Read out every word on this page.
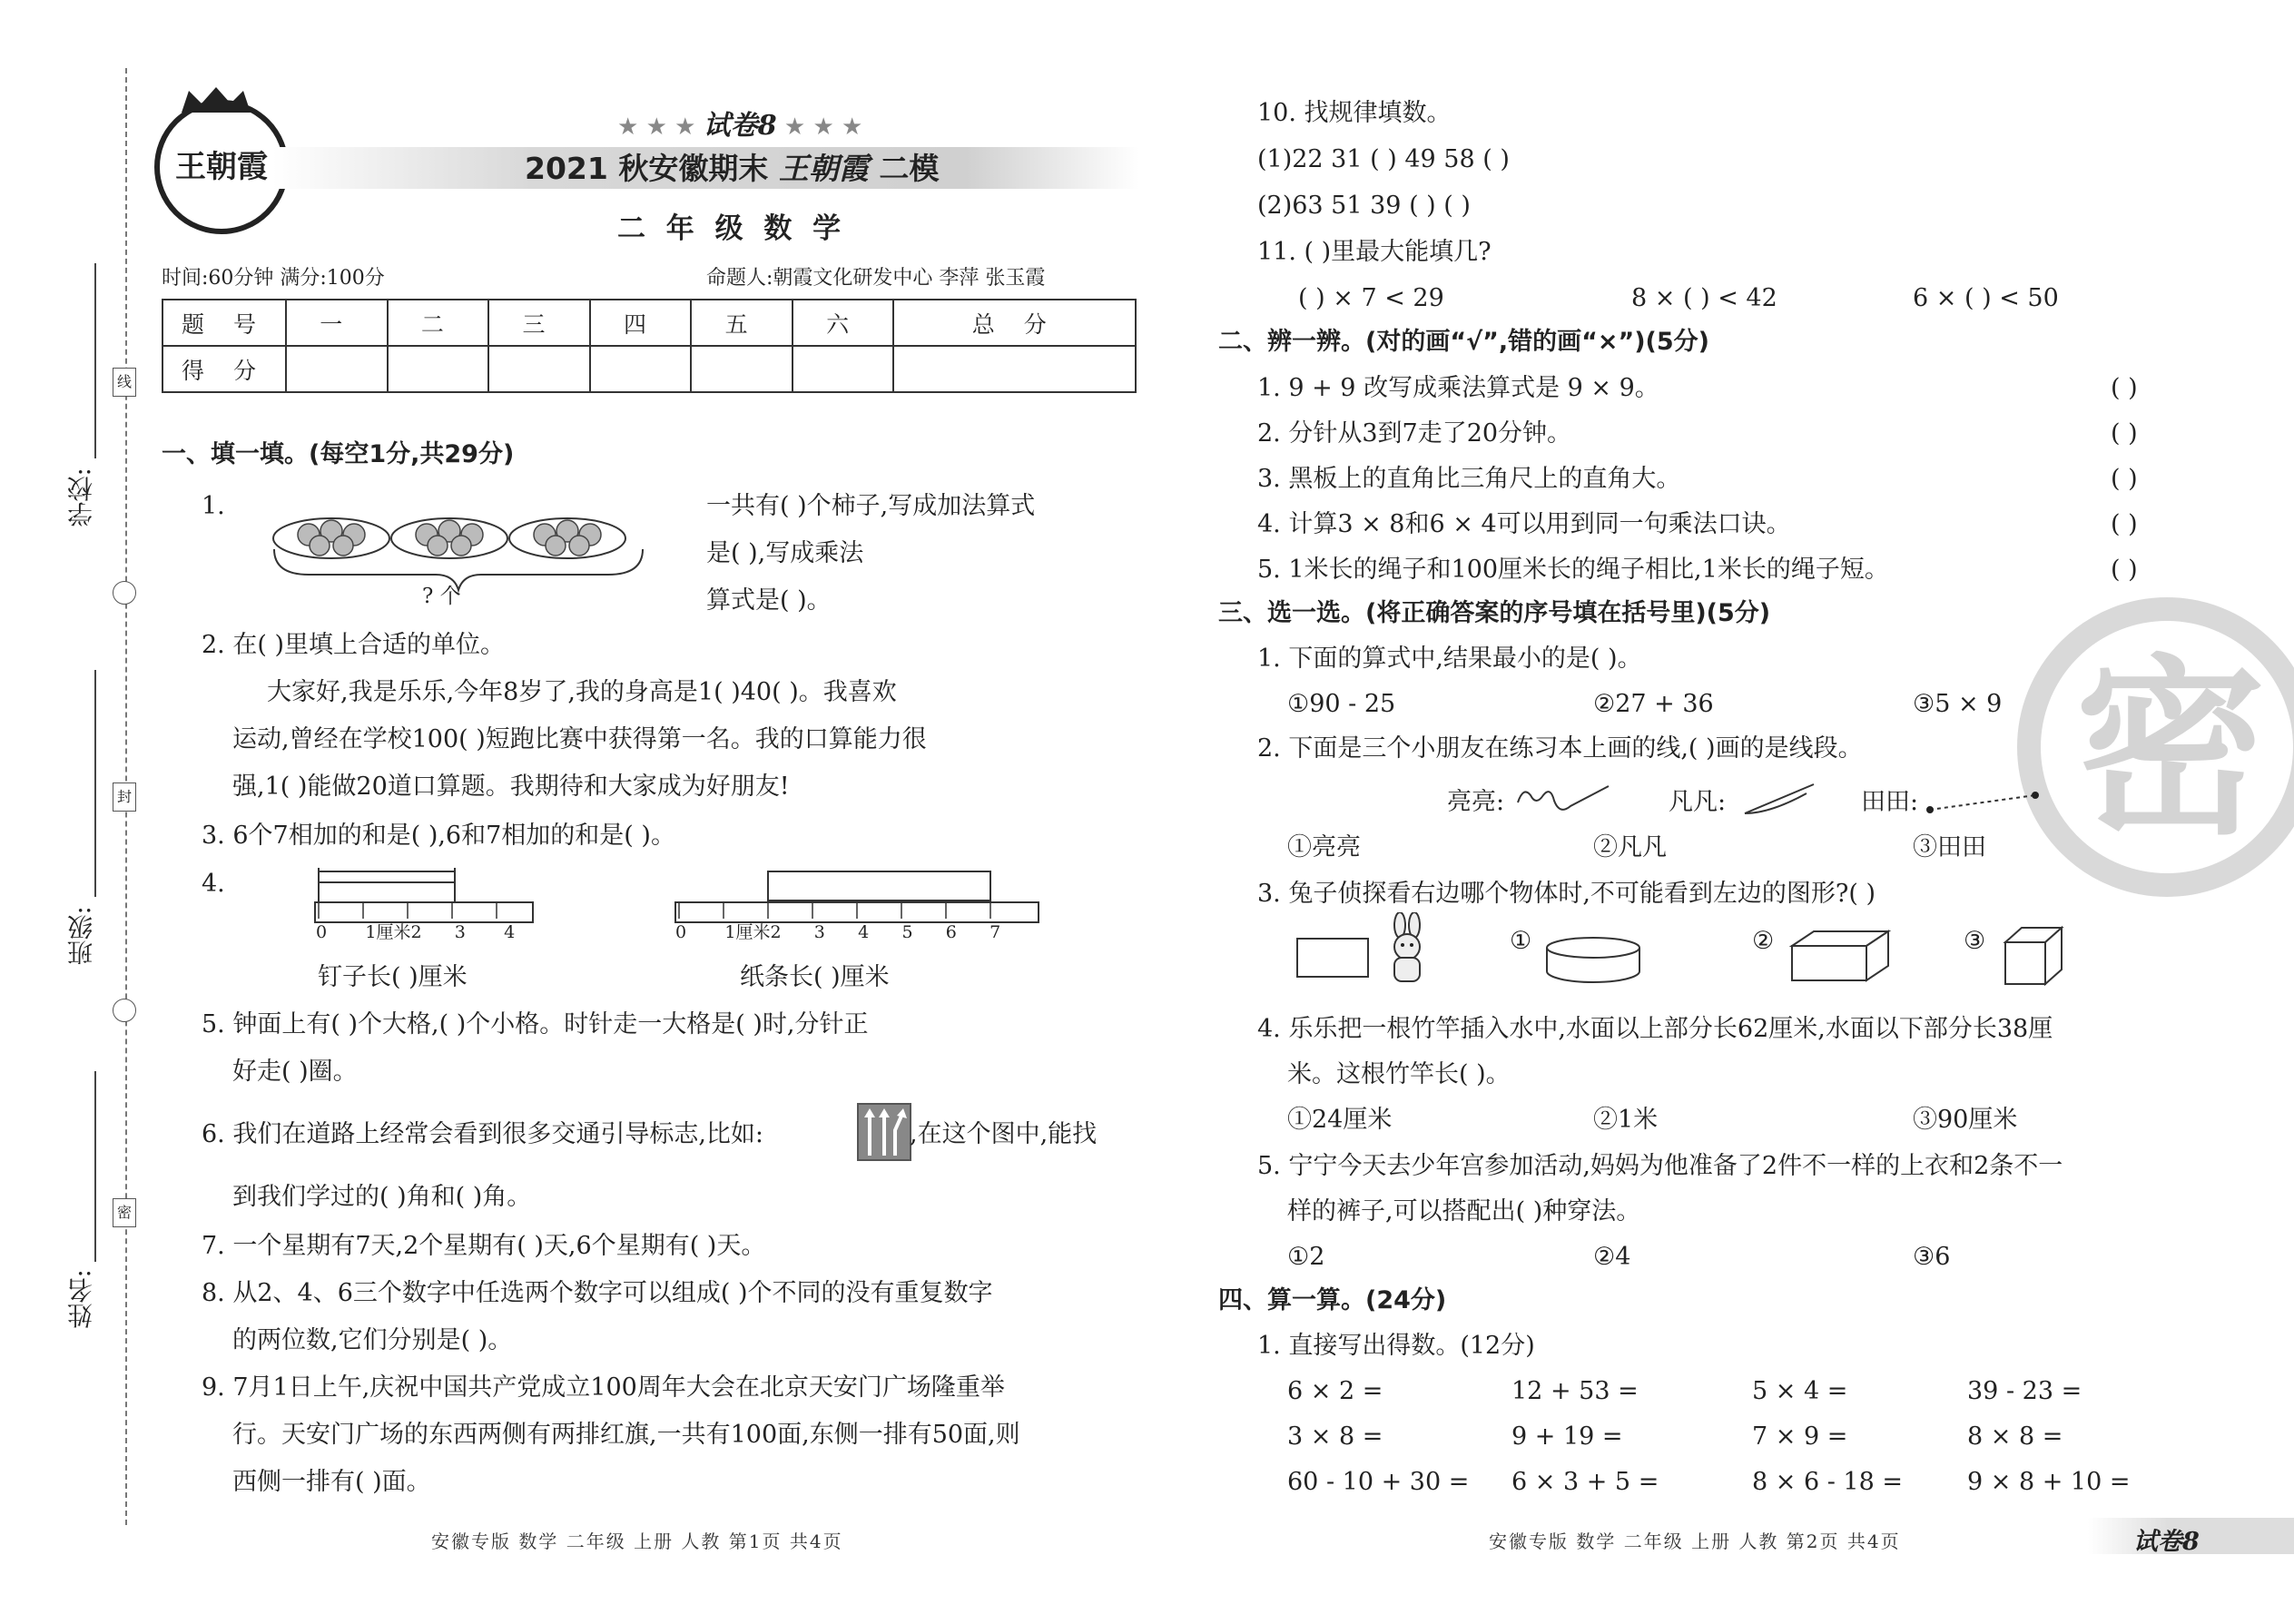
学校:
班级:
姓名:
线
封
密
王朝霞
★ ★ ★ 试卷8 ★ ★ ★
2021 秋安徽期末 王朝霞 二模
二 年 级 数 学
时间:60分钟 满分:100分	命题人:朝霞文化研发中心 李萍 张玉霞
题 号	一	二	三	四	五	六	总 分
得 分							
一、填一填。(每空1分,共29分)
1.
? 个
一共有( )个柿子,写成加法算式
是( ),写成乘法
算式是( )。
2. 在( )里填上合适的单位。
大家好,我是乐乐,今年8岁了,我的身高是1( )40( )。我喜欢
运动,曾经在学校100( )短跑比赛中获得第一名。我的口算能力很
强,1( )能做20道口算题。我期待和大家成为好朋友!
3. 6个7相加的和是( ),6和7相加的和是( )。
4.
0       1厘米2      3       4
钉子长( )厘米
0       1厘米2      3      4      5      6      7
纸条长( )厘米
5. 钟面上有( )个大格,( )个小格。时针走一大格是( )时,分针正
好走( )圈。
6. 我们在道路上经常会看到很多交通引导标志,比如:	,在这个图中,能找
到我们学过的( )角和( )角。
7. 一个星期有7天,2个星期有( )天,6个星期有( )天。
8. 从2、4、6三个数字中任选两个数字可以组成( )个不同的没有重复数字
的两位数,它们分别是( )。
9. 7月1日上午,庆祝中国共产党成立100周年大会在北京天安门广场隆重举
行。天安门广场的东西两侧有两排红旗,一共有100面,东侧一排有50面,则
西侧一排有( )面。
安徽专版 数学 二年级 上册 人教 第1页 共4页
密
10. 找规律填数。
(1)22 31 ( ) 49 58 ( )
(2)63 51 39 ( ) ( )
11. ( )里最大能填几?
( ) × 7 < 29	8 × ( ) < 42	6 × ( ) < 50
二、辨一辨。(对的画“√”,错的画“×”)(5分)
1. 9 + 9 改写成乘法算式是 9 × 9。	( )
2. 分针从3到7走了20分钟。	( )
3. 黑板上的直角比三角尺上的直角大。	( )
4. 计算3 × 8和6 × 4可以用到同一句乘法口诀。	( )
5. 1米长的绳子和100厘米长的绳子相比,1米长的绳子短。	( )
三、选一选。(将正确答案的序号填在括号里)(5分)
1. 下面的算式中,结果最小的是( )。
①90 - 25	②27 + 36	③5 × 9
2. 下面是三个小朋友在练习本上画的线,( )画的是线段。
亮亮:	凡凡:	田田:
①亮亮	②凡凡	③田田
3. 兔子侦探看右边哪个物体时,不可能看到左边的图形?( )
①	②	③
4. 乐乐把一根竹竿插入水中,水面以上部分长62厘米,水面以下部分长38厘
米。这根竹竿长( )。
①24厘米	②1米	③90厘米
5. 宁宁今天去少年宫参加活动,妈妈为他准备了2件不一样的上衣和2条不一
样的裤子,可以搭配出( )种穿法。
①2	②4	③6
四、算一算。(24分)
1. 直接写出得数。(12分)
6 × 2 =	12 + 53 =	5 × 4 =	39 - 23 =
3 × 8 =	9 + 19 =	7 × 9 =	8 × 8 =
60 - 10 + 30 = 6 × 3 + 5 =	8 × 6 - 18 =	9 × 8 + 10 =
安徽专版 数学 二年级 上册 人教 第2页 共4页	试卷8
